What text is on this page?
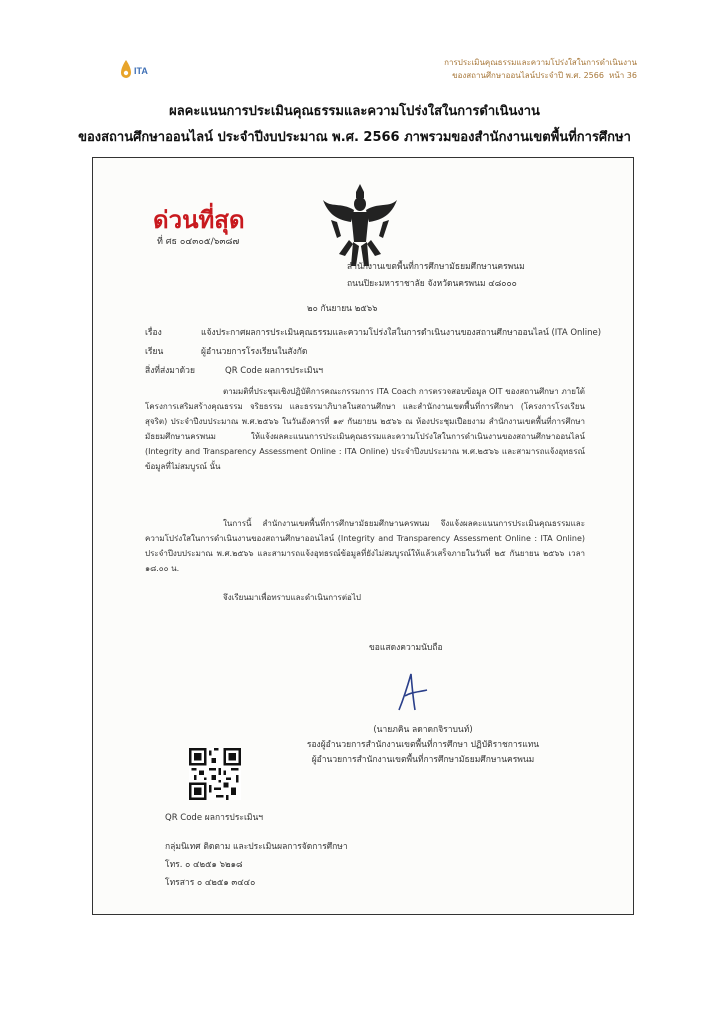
ITA
การประเมินคุณธรรมและความโปร่งใสในการดำเนินงาน
ของสถานศึกษาออนไลน์ประจำปี พ.ศ. 2566 หน้า 36
ผลคะแนนการประเมินคุณธรรมและความโปร่งใสในการดำเนินงาน
ของสถานศึกษาออนไลน์ ประจำปีงบประมาณ พ.ศ. 2566 ภาพรวมของสำนักงานเขตพื้นที่การศึกษา
ด่วนที่สุด
ที่ ศธ ๐๔๓๐๕/๖๓๘๗
สำนักงานเขตพื้นที่การศึกษามัธยมศึกษานครพนม
ถนนปิยะมหาราชาลัย จังหวัดนครพนม ๔๘๐๐๐
๒๐ กันยายน ๒๕๖๖
เรื่อง	แจ้งประกาศผลการประเมินคุณธรรมและความโปร่งใสในการดำเนินงานของสถานศึกษาออนไลน์ (ITA Online)
เรียน	ผู้อำนวยการโรงเรียนในสังกัด
สิ่งที่ส่งมาด้วย	QR Code ผลการประเมินฯ
ตามมติที่ประชุมเชิงปฏิบัติการคณะกรรมการ ITA Coach การตรวจสอบข้อมูล OIT ของสถานศึกษา ภายใต้โครงการเสริมสร้างคุณธรรม จริยธรรม และธรรมาภิบาลในสถานศึกษา และสำนักงานเขตพื้นที่การศึกษา (โครงการโรงเรียนสุจริต) ประจำปีงบประมาณ พ.ศ.๒๕๖๖ ในวันอังคารที่ ๑๙ กันยายน ๒๕๖๖ ณ ห้องประชุมเปือยงาม สำนักงานเขตพื้นที่การศึกษามัธยมศึกษานครพนม ให้แจ้งผลคะแนนการประเมินคุณธรรมและความโปร่งใสในการดำเนินงานของสถานศึกษาออนไลน์ (Integrity and Transparency Assessment Online : ITA Online) ประจำปีงบประมาณ พ.ศ.๒๕๖๖ และสามารถแจ้งอุทธรณ์ข้อมูลที่ไม่สมบูรณ์ นั้น
ในการนี้ สำนักงานเขตพื้นที่การศึกษามัธยมศึกษานครพนม จึงแจ้งผลคะแนนการประเมินคุณธรรมและความโปร่งใสในการดำเนินงานของสถานศึกษาออนไลน์ (Integrity and Transparency Assessment Online : ITA Online) ประจำปีงบประมาณ พ.ศ.๒๕๖๖ และสามารถแจ้งอุทธรณ์ข้อมูลที่ยังไม่สมบูรณ์ให้แล้วเสร็จภายในวันที่ ๒๕ กันยายน ๒๕๖๖ เวลา ๑๘.๐๐ น.
จึงเรียนมาเพื่อทราบและดำเนินการต่อไป
ขอแสดงความนับถือ
(นายภคิน ลดาดกจิราบนท์)
รองผู้อำนวยการสำนักงานเขตพื้นที่การศึกษา ปฏิบัติราชการแทน
ผู้อำนวยการสำนักงานเขตพื้นที่การศึกษามัธยมศึกษานครพนม
QR Code ผลการประเมินฯ
กลุ่มนิเทศ ติดตาม และประเมินผลการจัดการศึกษา
โทร. ๐ ๔๒๕๑ ๖๒๑๘
โทรสาร ๐ ๔๒๕๑ ๓๔๔๐
